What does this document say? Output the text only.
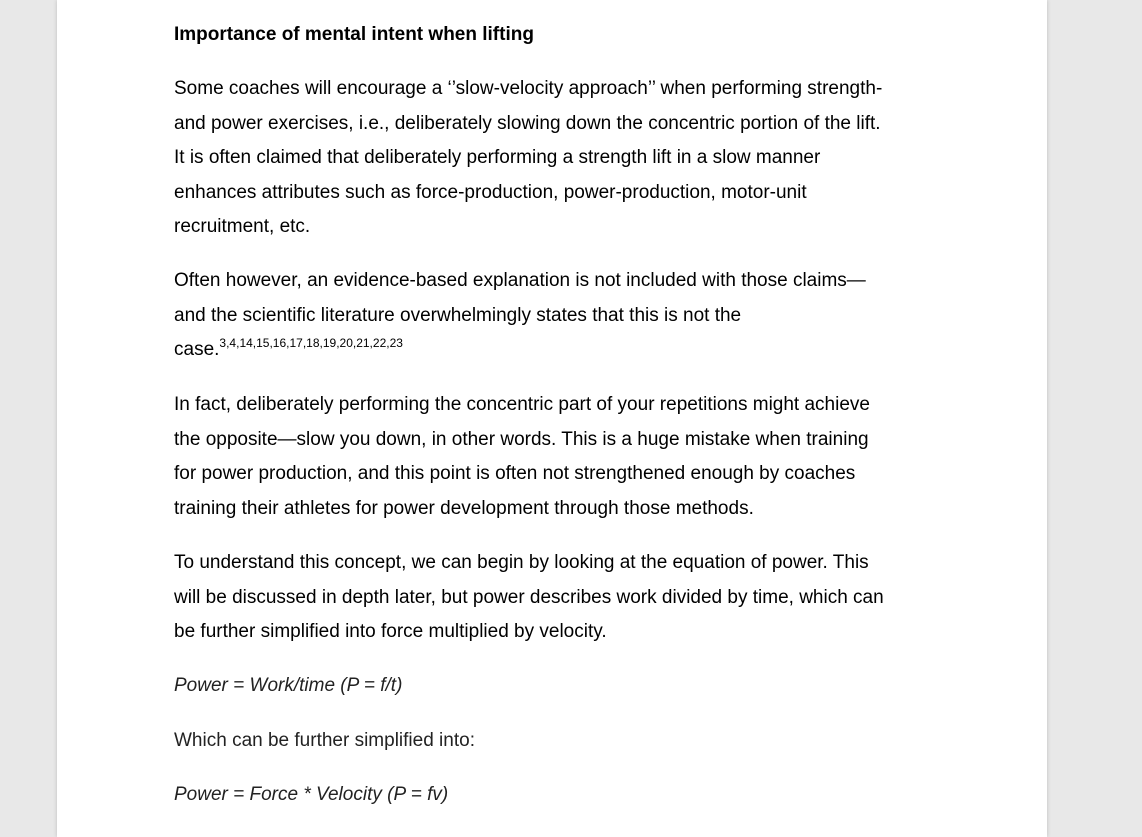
Importance of mental intent when lifting
Some coaches will encourage a ‘’slow-velocity approach’’ when performing strength-
and power exercises, i.e., deliberately slowing down the concentric portion of the lift.
It is often claimed that deliberately performing a strength lift in a slow manner
enhances attributes such as force-production, power-production, motor-unit
recruitment, etc.
Often however, an evidence-based explanation is not included with those claims—
and the scientific literature overwhelmingly states that this is not the
case.$^{3,4,14,15,16,17,18,19,20,21,22,23}$
In fact, deliberately performing the concentric part of your repetitions might achieve
the opposite—slow you down, in other words. This is a huge mistake when training
for power production, and this point is often not strengthened enough by coaches
training their athletes for power development through those methods.
To understand this concept, we can begin by looking at the equation of power. This
will be discussed in depth later, but power describes work divided by time, which can
be further simplified into force multiplied by velocity.
Power = Work/time (P = f/t)
Which can be further simplified into:
Power = Force * Velocity (P = fv)
